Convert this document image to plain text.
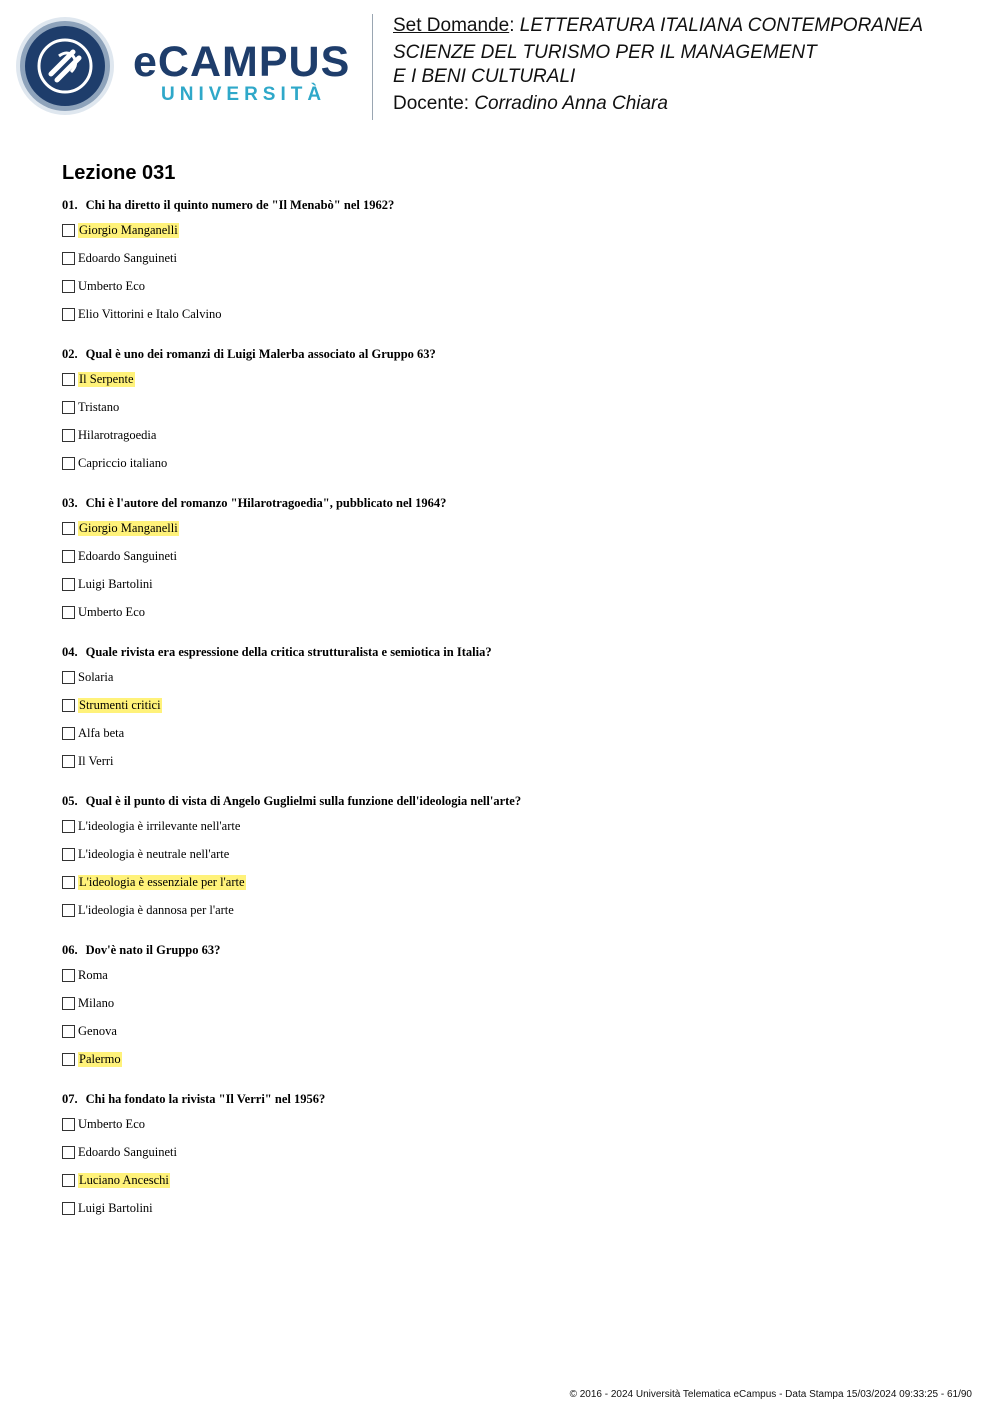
eCAMPUS
UNIVERSITÀ
Set Domande: LETTERATURA ITALIANA CONTEMPORANEA
SCIENZE DEL TURISMO PER IL MANAGEMENT
E I BENI CULTURALI
Docente: Corradino Anna Chiara
Lezione 031

01. Chi ha diretto il quinto numero de "Il Menabò" nel 1962?

Giorgio Manganelli
Edoardo Sanguineti
Umberto Eco
Elio Vittorini e Italo Calvino

02. Qual è uno dei romanzi di Luigi Malerba associato al Gruppo 63?

Il Serpente
Tristano
Hilarotragoedia
Capriccio italiano

03. Chi è l'autore del romanzo "Hilarotragoedia", pubblicato nel 1964?

Giorgio Manganelli
Edoardo Sanguineti
Luigi Bartolini
Umberto Eco

04. Quale rivista era espressione della critica strutturalista e semiotica in Italia?

Solaria
Strumenti critici
Alfa beta
Il Verri

05. Qual è il punto di vista di Angelo Guglielmi sulla funzione dell'ideologia nell'arte?

L'ideologia è irrilevante nell'arte
L'ideologia è neutrale nell'arte
L'ideologia è essenziale per l'arte
L'ideologia è dannosa per l'arte

06. Dov'è nato il Gruppo 63?

Roma
Milano
Genova
Palermo

07. Chi ha fondato la rivista "Il Verri" nel 1956?

Umberto Eco
Edoardo Sanguineti
Luciano Anceschi
Luigi Bartolini
© 2016 - 2024 Università Telematica eCampus - Data Stampa 15/03/2024 09:33:25 - 61/90
